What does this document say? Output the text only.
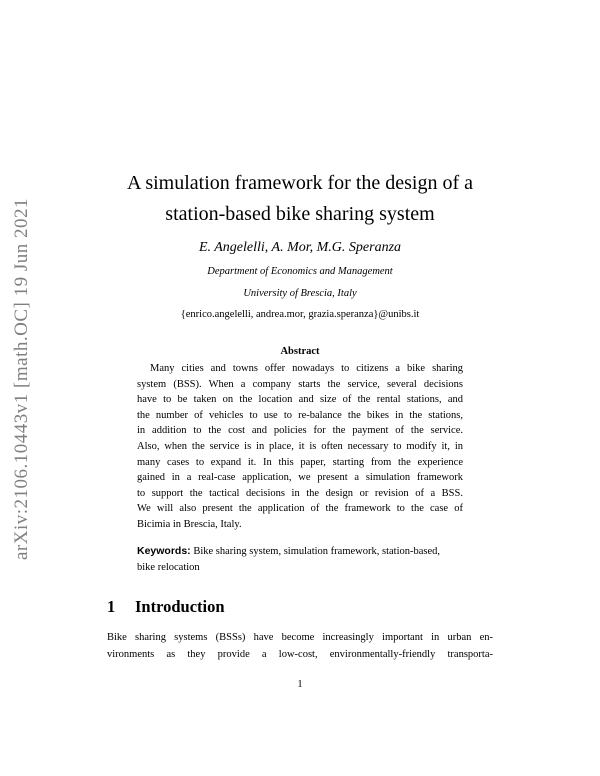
arXiv:2106.10443v1 [math.OC] 19 Jun 2021
A simulation framework for the design of a
station-based bike sharing system
E. Angelelli, A. Mor, M.G. Speranza
Department of Economics and Management
University of Brescia, Italy
{enrico.angelelli, andrea.mor, grazia.speranza}@unibs.it
Abstract
Many cities and towns offer nowadays to citizens a bike sharing
system (BSS). When a company starts the service, several decisions
have to be taken on the location and size of the rental stations, and
the number of vehicles to use to re-balance the bikes in the stations,
in addition to the cost and policies for the payment of the service.
Also, when the service is in place, it is often necessary to modify it, in
many cases to expand it. In this paper, starting from the experience
gained in a real-case application, we present a simulation framework
to support the tactical decisions in the design or revision of a BSS.
We will also present the application of the framework to the case of
Bicimia in Brescia, Italy.
Keywords: Bike sharing system, simulation framework, station-based,
bike relocation
1 Introduction
Bike sharing systems (BSSs) have become increasingly important in urban en-
vironments as they provide a low-cost, environmentally-friendly transporta-
1
